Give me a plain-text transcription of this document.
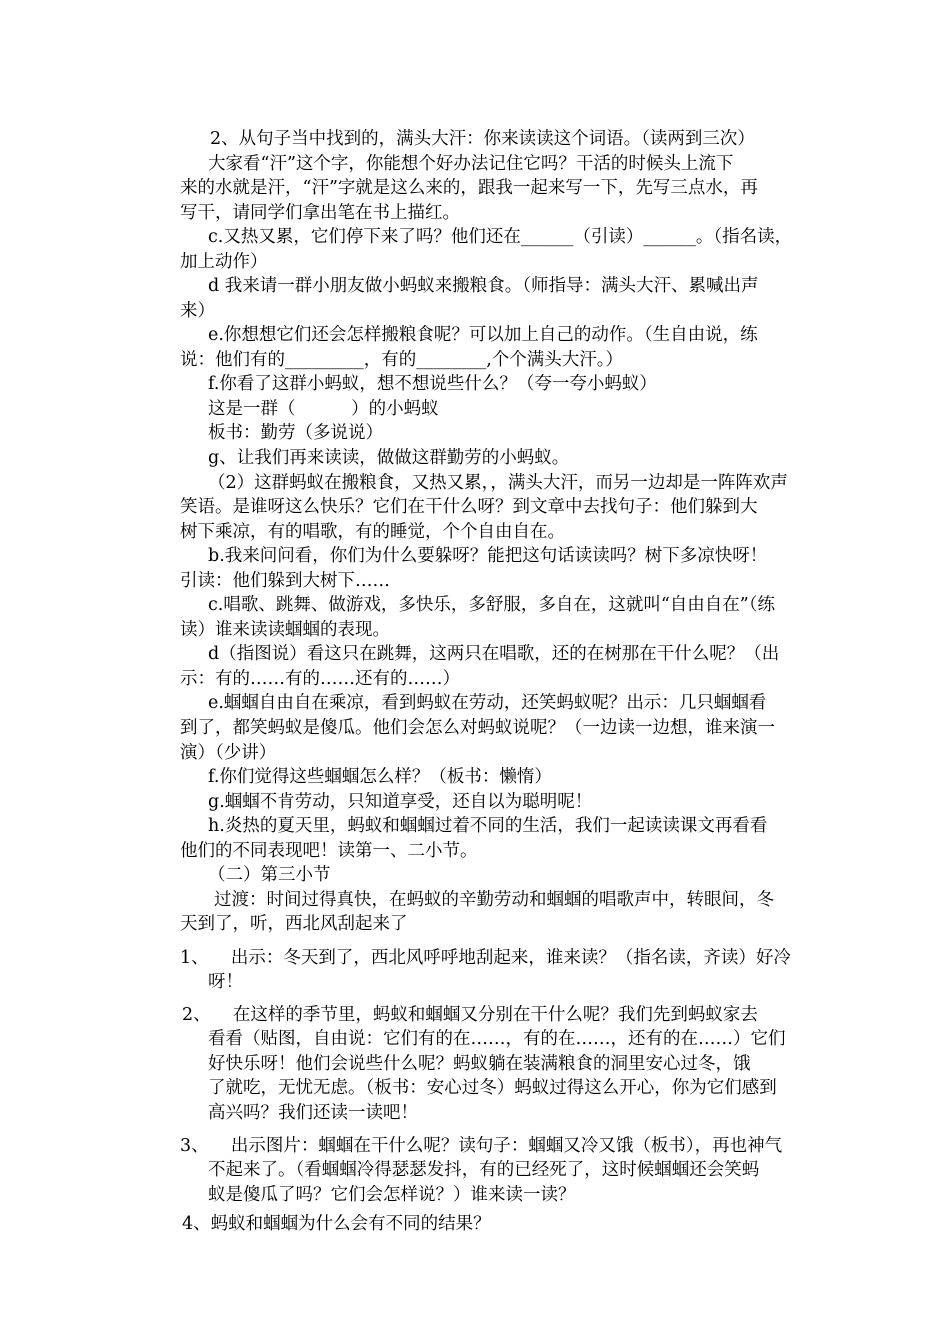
2、从句子当中找到的，满头大汗：你来读读这个词语。（读两到三次）
大家看“汗”这个字，你能想个好办法记住它吗？干活的时候头上流下
来的水就是汗，“汗”字就是这么来的，跟我一起来写一下，先写三点水，再
写干，请同学们拿出笔在书上描红。
c.又热又累，它们停下来了吗？他们还在______（引读）______。（指名读，
加上动作）
d 我来请一群小朋友做小蚂蚁来搬粮食。（师指导：满头大汗、累喊出声
来）
e.你想想它们还会怎样搬粮食呢？可以加上自己的动作。（生自由说，练
说：他们有的_________，有的________,个个满头大汗。）
f.你看了这群小蚂蚁，想不想说些什么？（夸一夸小蚂蚁）
这是一群（          ）的小蚂蚁
板书：勤劳（多说说）
g、让我们再来读读，做做这群勤劳的小蚂蚁。
（2）这群蚂蚁在搬粮食，又热又累，，满头大汗，而另一边却是一阵阵欢声
笑语。是谁呀这么快乐？它们在干什么呀？到文章中去找句子：他们躲到大
树下乘凉，有的唱歌，有的睡觉，个个自由自在。
b.我来问问看，你们为什么要躲呀？能把这句话读读吗？树下多凉快呀！
引读：他们躲到大树下……
c.唱歌、跳舞、做游戏，多快乐，多舒服，多自在，这就叫“自由自在”（练
读）谁来读读蝈蝈的表现。
d（指图说）看这只在跳舞，这两只在唱歌，还的在树那在干什么呢？（出
示：有的……有的……还有的……）
e.蝈蝈自由自在乘凉，看到蚂蚁在劳动，还笑蚂蚁呢？出示：几只蝈蝈看
到了，都笑蚂蚁是傻瓜。他们会怎么对蚂蚁说呢？（一边读一边想，谁来演一
演）（少讲）
f.你们觉得这些蝈蝈怎么样？（板书：懒惰）
g.蝈蝈不肯劳动，只知道享受，还自以为聪明呢！
h.炎热的夏天里，蚂蚁和蝈蝈过着不同的生活，我们一起读读课文再看看
他们的不同表现吧！读第一、二小节。
（二）第三小节
过渡：时间过得真快，在蚂蚁的辛勤劳动和蝈蝈的唱歌声中，转眼间，冬
天到了，听，西北风刮起来了
1、    出示：冬天到了，西北风呼呼地刮起来，谁来读？（指名读，齐读）好冷
呀！
2、    在这样的季节里，蚂蚁和蝈蝈又分别在干什么呢？我们先到蚂蚁家去
看看（贴图，自由说：它们有的在……，有的在……，还有的在……）它们
好快乐呀！他们会说些什么呢？蚂蚁躺在装满粮食的洞里安心过冬，饿
了就吃，无忧无虑。（板书：安心过冬）蚂蚁过得这么开心，你为它们感到
高兴吗？我们还读一读吧！
3、    出示图片：蝈蝈在干什么呢？读句子：蝈蝈又冷又饿（板书），再也神气
不起来了。（看蝈蝈冷得瑟瑟发抖，有的已经死了，这时候蝈蝈还会笑蚂
蚁是傻瓜了吗？它们会怎样说？）谁来读一读？
4、蚂蚁和蝈蝈为什么会有不同的结果？
